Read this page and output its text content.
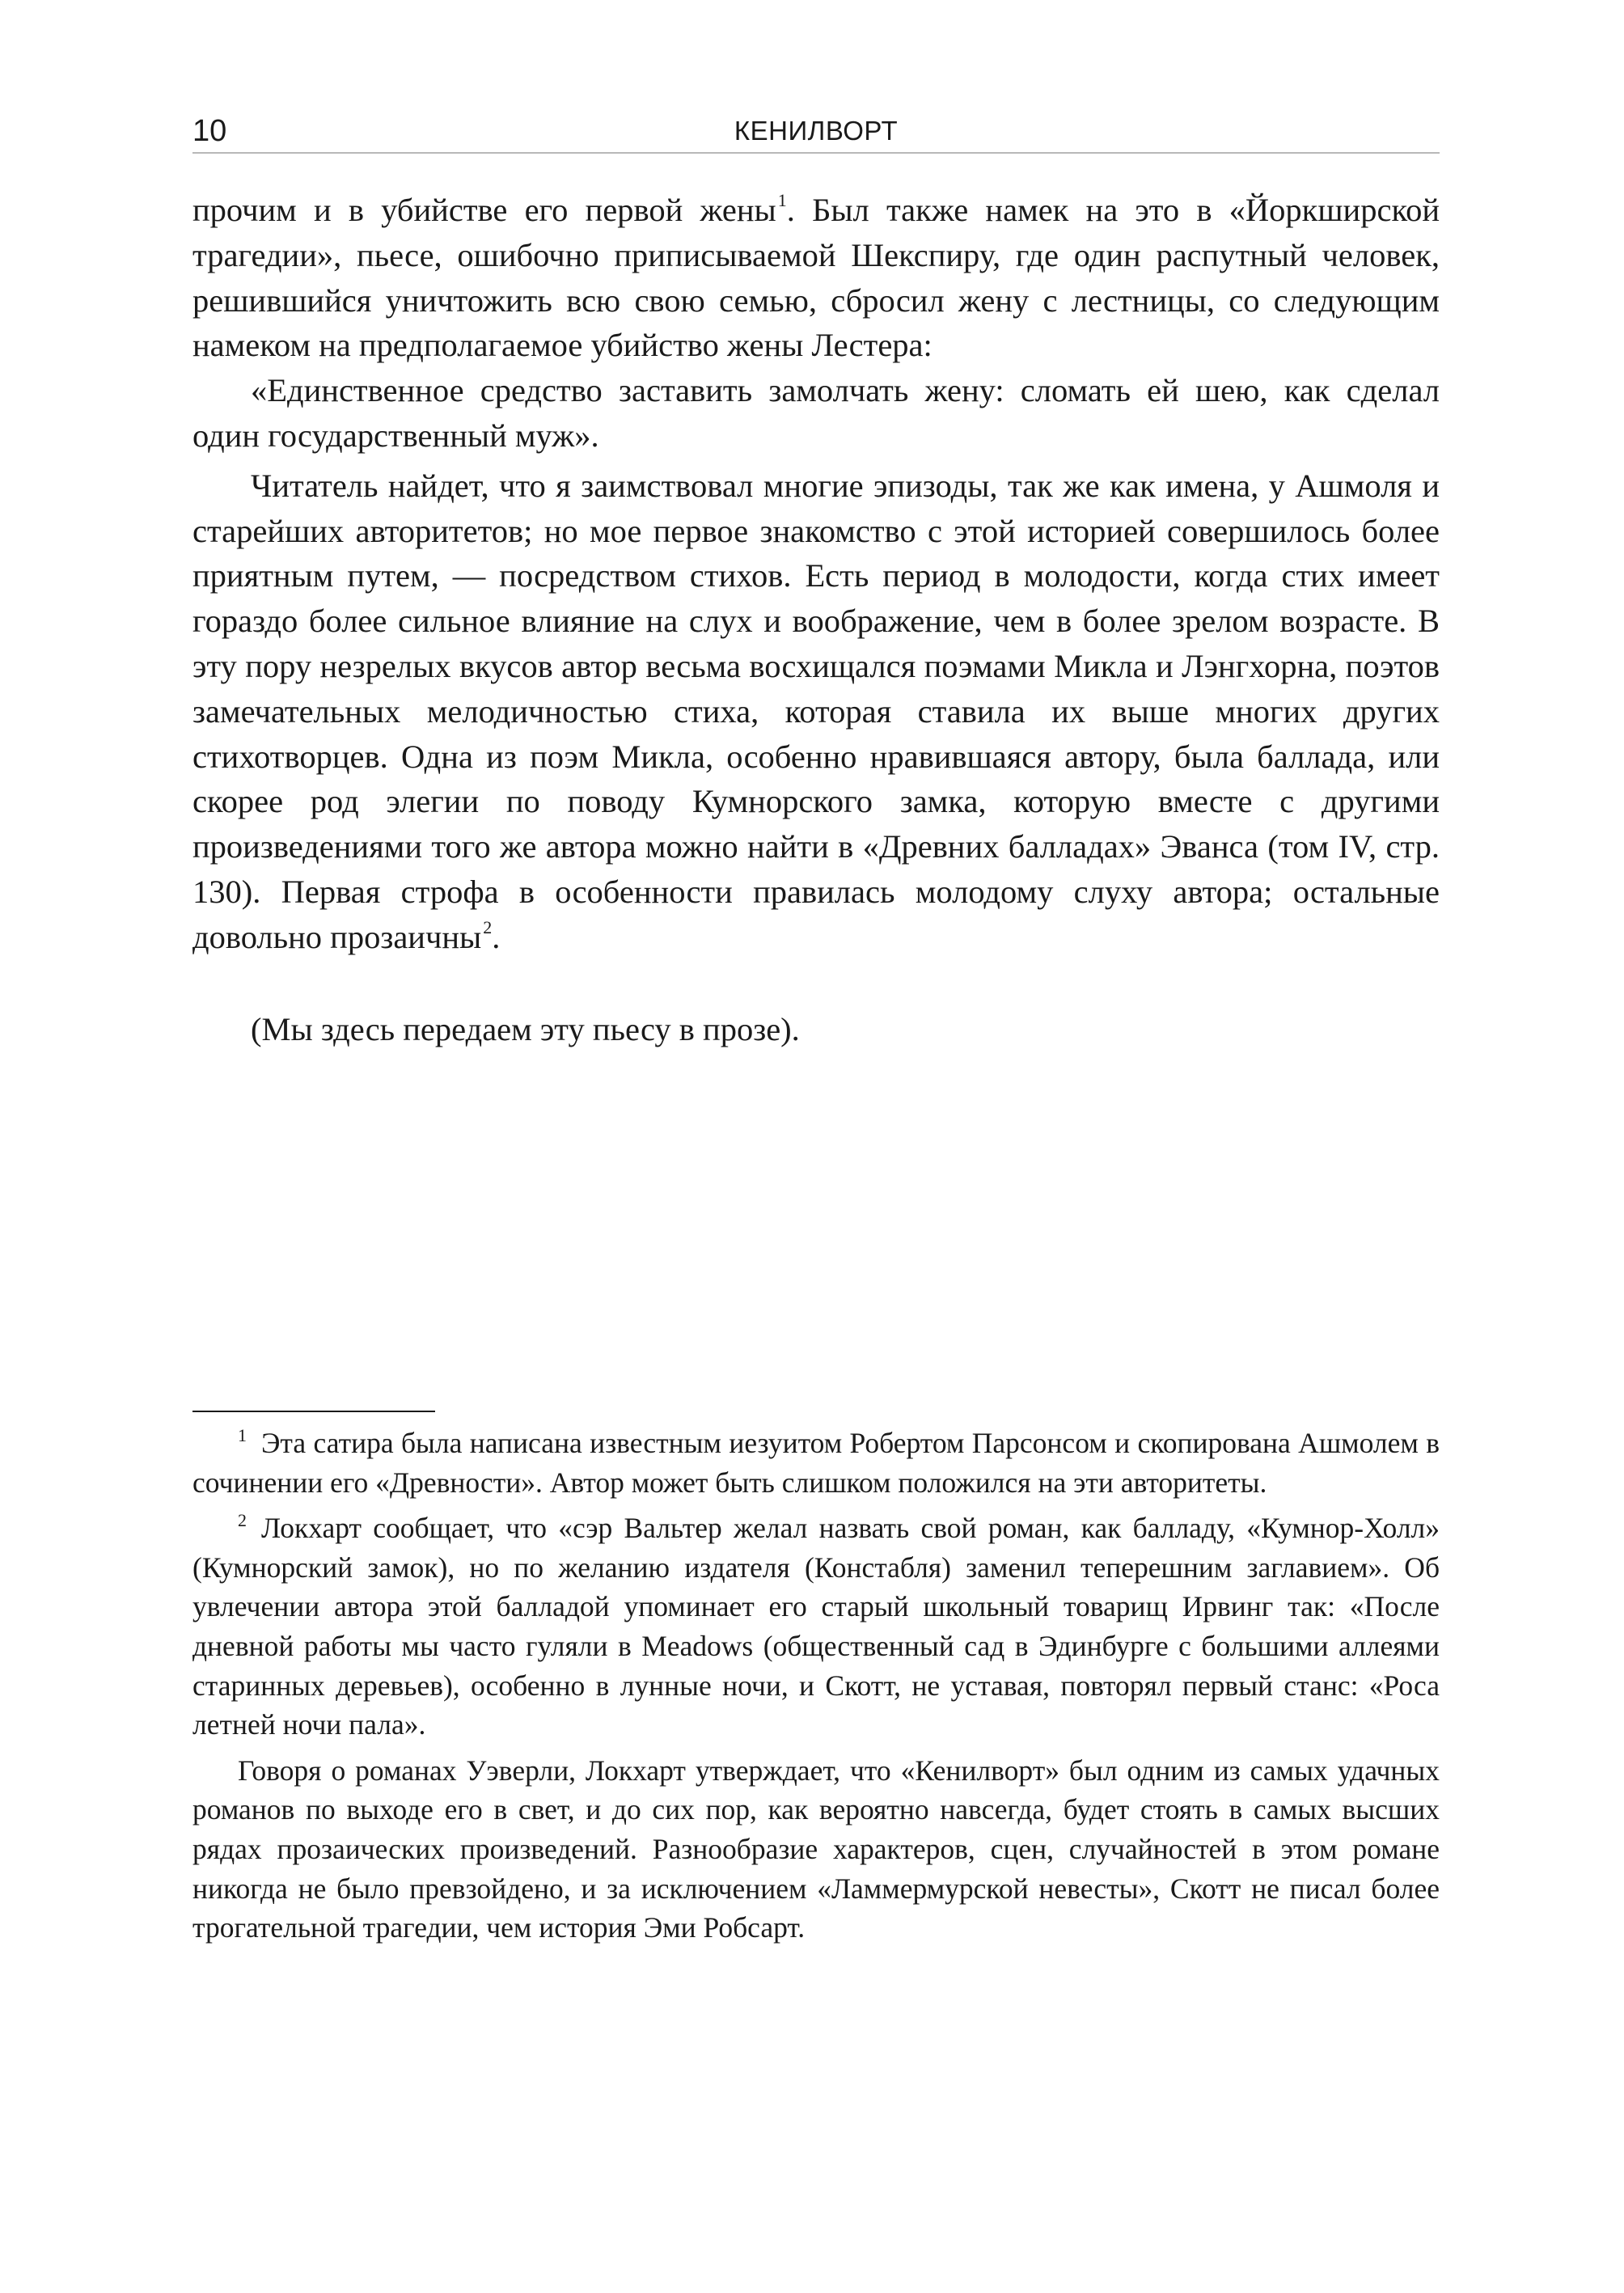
10	КЕНИЛВОРТ

прочим и в убийстве его первой жены$^1$. Был также намек на это в «Йоркширской трагедии», пьесе, ошибочно приписываемой Шекспиру, где один распутный человек, решившийся уничтожить всю свою семью, сбросил жену с лестницы, со следующим намеком на предполагаемое убийство жены Лестера:

«Единственное средство заставить замолчать жену: сломать ей шею, как сделал один государственный муж».

Читатель найдет, что я заимствовал многие эпизоды, так же как имена, у Ашмоля и старейших авторитетов; но мое первое знакомство с этой историей совершилось более приятным путем, — посредством стихов. Есть период в молодости, когда стих имеет гораздо более сильное влияние на слух и воображение, чем в более зрелом возрасте. В эту пору незрелых вкусов автор весьма восхищался поэмами Микла и Лэнгхорна, поэтов замечательных мелодичностью стиха, которая ставила их выше многих других стихотворцев. Одна из поэм Микла, особенно нравившаяся автору, была баллада, или скорее род элегии по поводу Кумнорского замка, которую вместе с другими произведениями того же автора можно найти в «Древних балладах» Эванса (том IV, стр. 130). Первая строфа в особенности правилась молодому слуху автора; остальные довольно прозаичны$^2$.

(Мы здесь передаем эту пьесу в прозе).

$^1$ Эта сатира была написана известным иезуитом Робертом Парсонсом и скопирована Ашмолем в сочинении его «Древности». Автор может быть слишком положился на эти авторитеты.

$^2$ Локхарт сообщает, что «сэр Вальтер желал назвать свой роман, как балладу, «Кумнор-Холл» (Кумнорский замок), но по желанию издателя (Констабля) заменил теперешним заглавием». Об увлечении автора этой балладой упоминает его старый школьный товарищ Ирвинг так: «После дневной работы мы часто гуляли в Meadows (общественный сад в Эдинбурге с большими аллеями старинных деревьев), особенно в лунные ночи, и Скотт, не уставая, повторял первый станс: «Роса летней ночи пала».

Говоря о романах Уэверли, Локхарт утверждает, что «Кенилворт» был одним из самых удачных романов по выходе его в свет, и до сих пор, как вероятно навсегда, будет стоять в самых высших рядах прозаических произведений. Разнообразие характеров, сцен, случайностей в этом романе никогда не было превзойдено, и за исключением «Ламмермурской невесты», Скотт не писал более трогательной трагедии, чем история Эми Робсарт.
